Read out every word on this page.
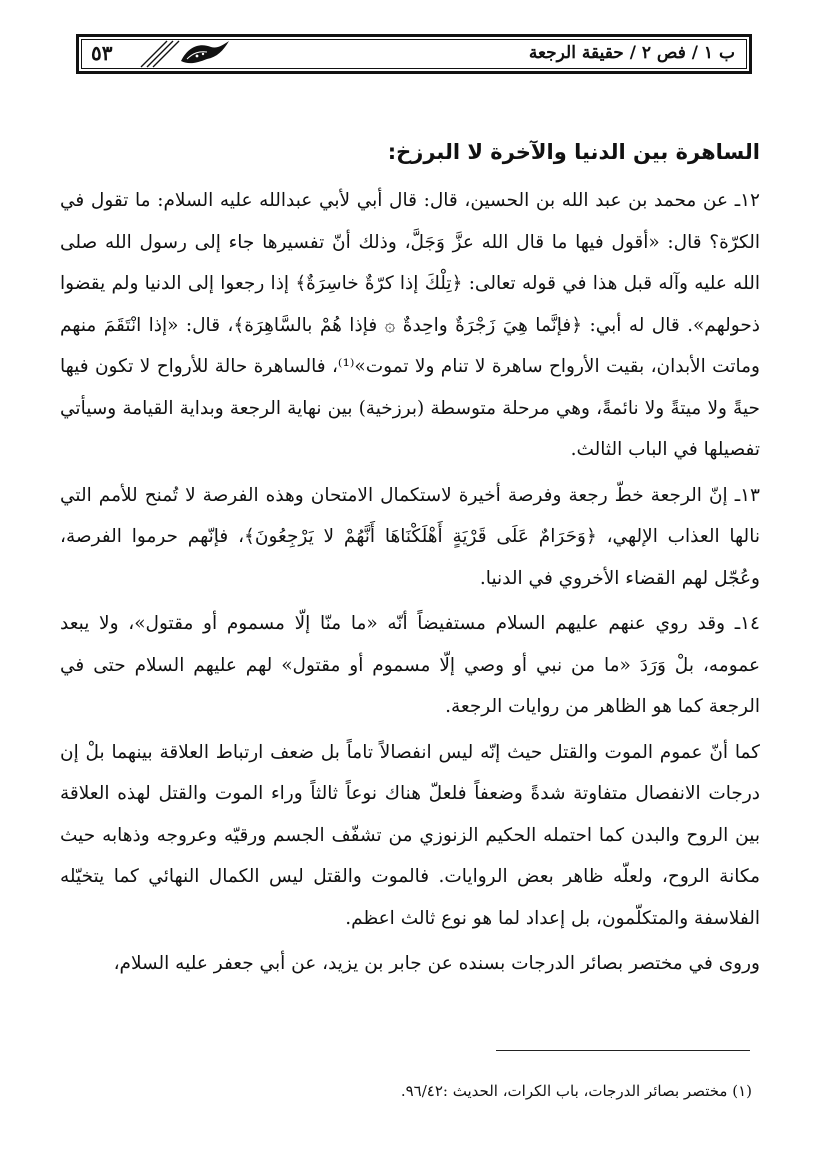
٥٣	ب ١ / فص ٢ / حقيقة الرجعة

الساهرة بين الدنيا والآخرة لا البرزخ:

١٢ـ عن محمد بن عبد الله بن الحسين، قال: قال أبي لأبي عبدالله عليه السلام: ما تقول في الكرّة؟ قال: «أقول فيها ما قال الله عزَّ وَجَلَّ، وذلك أنّ تفسيرها جاء إلى رسول الله صلى الله عليه وآله قبل هذا في قوله تعالى: ﴿تِلْكَ إذا كرّةٌ خاسِرَةٌ﴾ إذا رجعوا إلى الدنيا ولم يقضوا ذحولهم». قال له أبي: ﴿فإنَّما هِيَ زَجْرَةٌ واحِدةٌ ۞ فإذا هُمْ بالسَّاهِرَة﴾، قال: «إذا انْتَقَمَ منهم وماتت الأبدان، بقيت الأرواح ساهرة لا تنام ولا تموت»⁽¹⁾، فالساهرة حالة للأرواح لا تكون فيها حيةً ولا ميتةً ولا نائمةً، وهي مرحلة متوسطة (برزخية) بين نهاية الرجعة وبداية القيامة وسيأتي تفصيلها في الباب الثالث.

١٣ـ إنّ الرجعة خطّ رجعة وفرصة أخيرة لاستكمال الامتحان وهذه الفرصة لا تُمنح للأمم التي نالها العذاب الإلهي، ﴿وَحَرَامٌ عَلَى قَرْيَةٍ أَهْلَكْنَاهَا أَنَّهُمْ لا يَرْجِعُونَ﴾، فإنّهم حرموا الفرصة، وعُجّل لهم القضاء الأخروي في الدنيا.

١٤ـ وقد روي عنهم عليهم السلام مستفيضاً أنّه «ما منّا إلّا مسموم أو مقتول»، ولا يبعد عمومه، بلْ وَرَدَ «ما من نبي أو وصي إلّا مسموم أو مقتول» لهم عليهم السلام حتى في الرجعة كما هو الظاهر من روايات الرجعة.

كما أنّ عموم الموت والقتل حيث إنّه ليس انفصالاً تاماً بل ضعف ارتباط العلاقة بينهما بلْ إن درجات الانفصال متفاوتة شدةً وضعفاً فلعلّ هناك نوعاً ثالثاً وراء الموت والقتل لهذه العلاقة بين الروح والبدن كما احتمله الحكيم الزنوزي من تشفّف الجسم ورقيّه وعروجه وذهابه حيث مكانة الروح، ولعلّه ظاهر بعض الروايات. فالموت والقتل ليس الكمال النهائي كما يتخيّله الفلاسفة والمتكلّمون، بل إعداد لما هو نوع ثالث اعظم.

وروى في مختصر بصائر الدرجات بسنده عن جابر بن يزيد، عن أبي جعفر عليه السلام،

(١) مختصر بصائر الدرجات، باب الكرات، الحديث :٩٦/٤٢.
